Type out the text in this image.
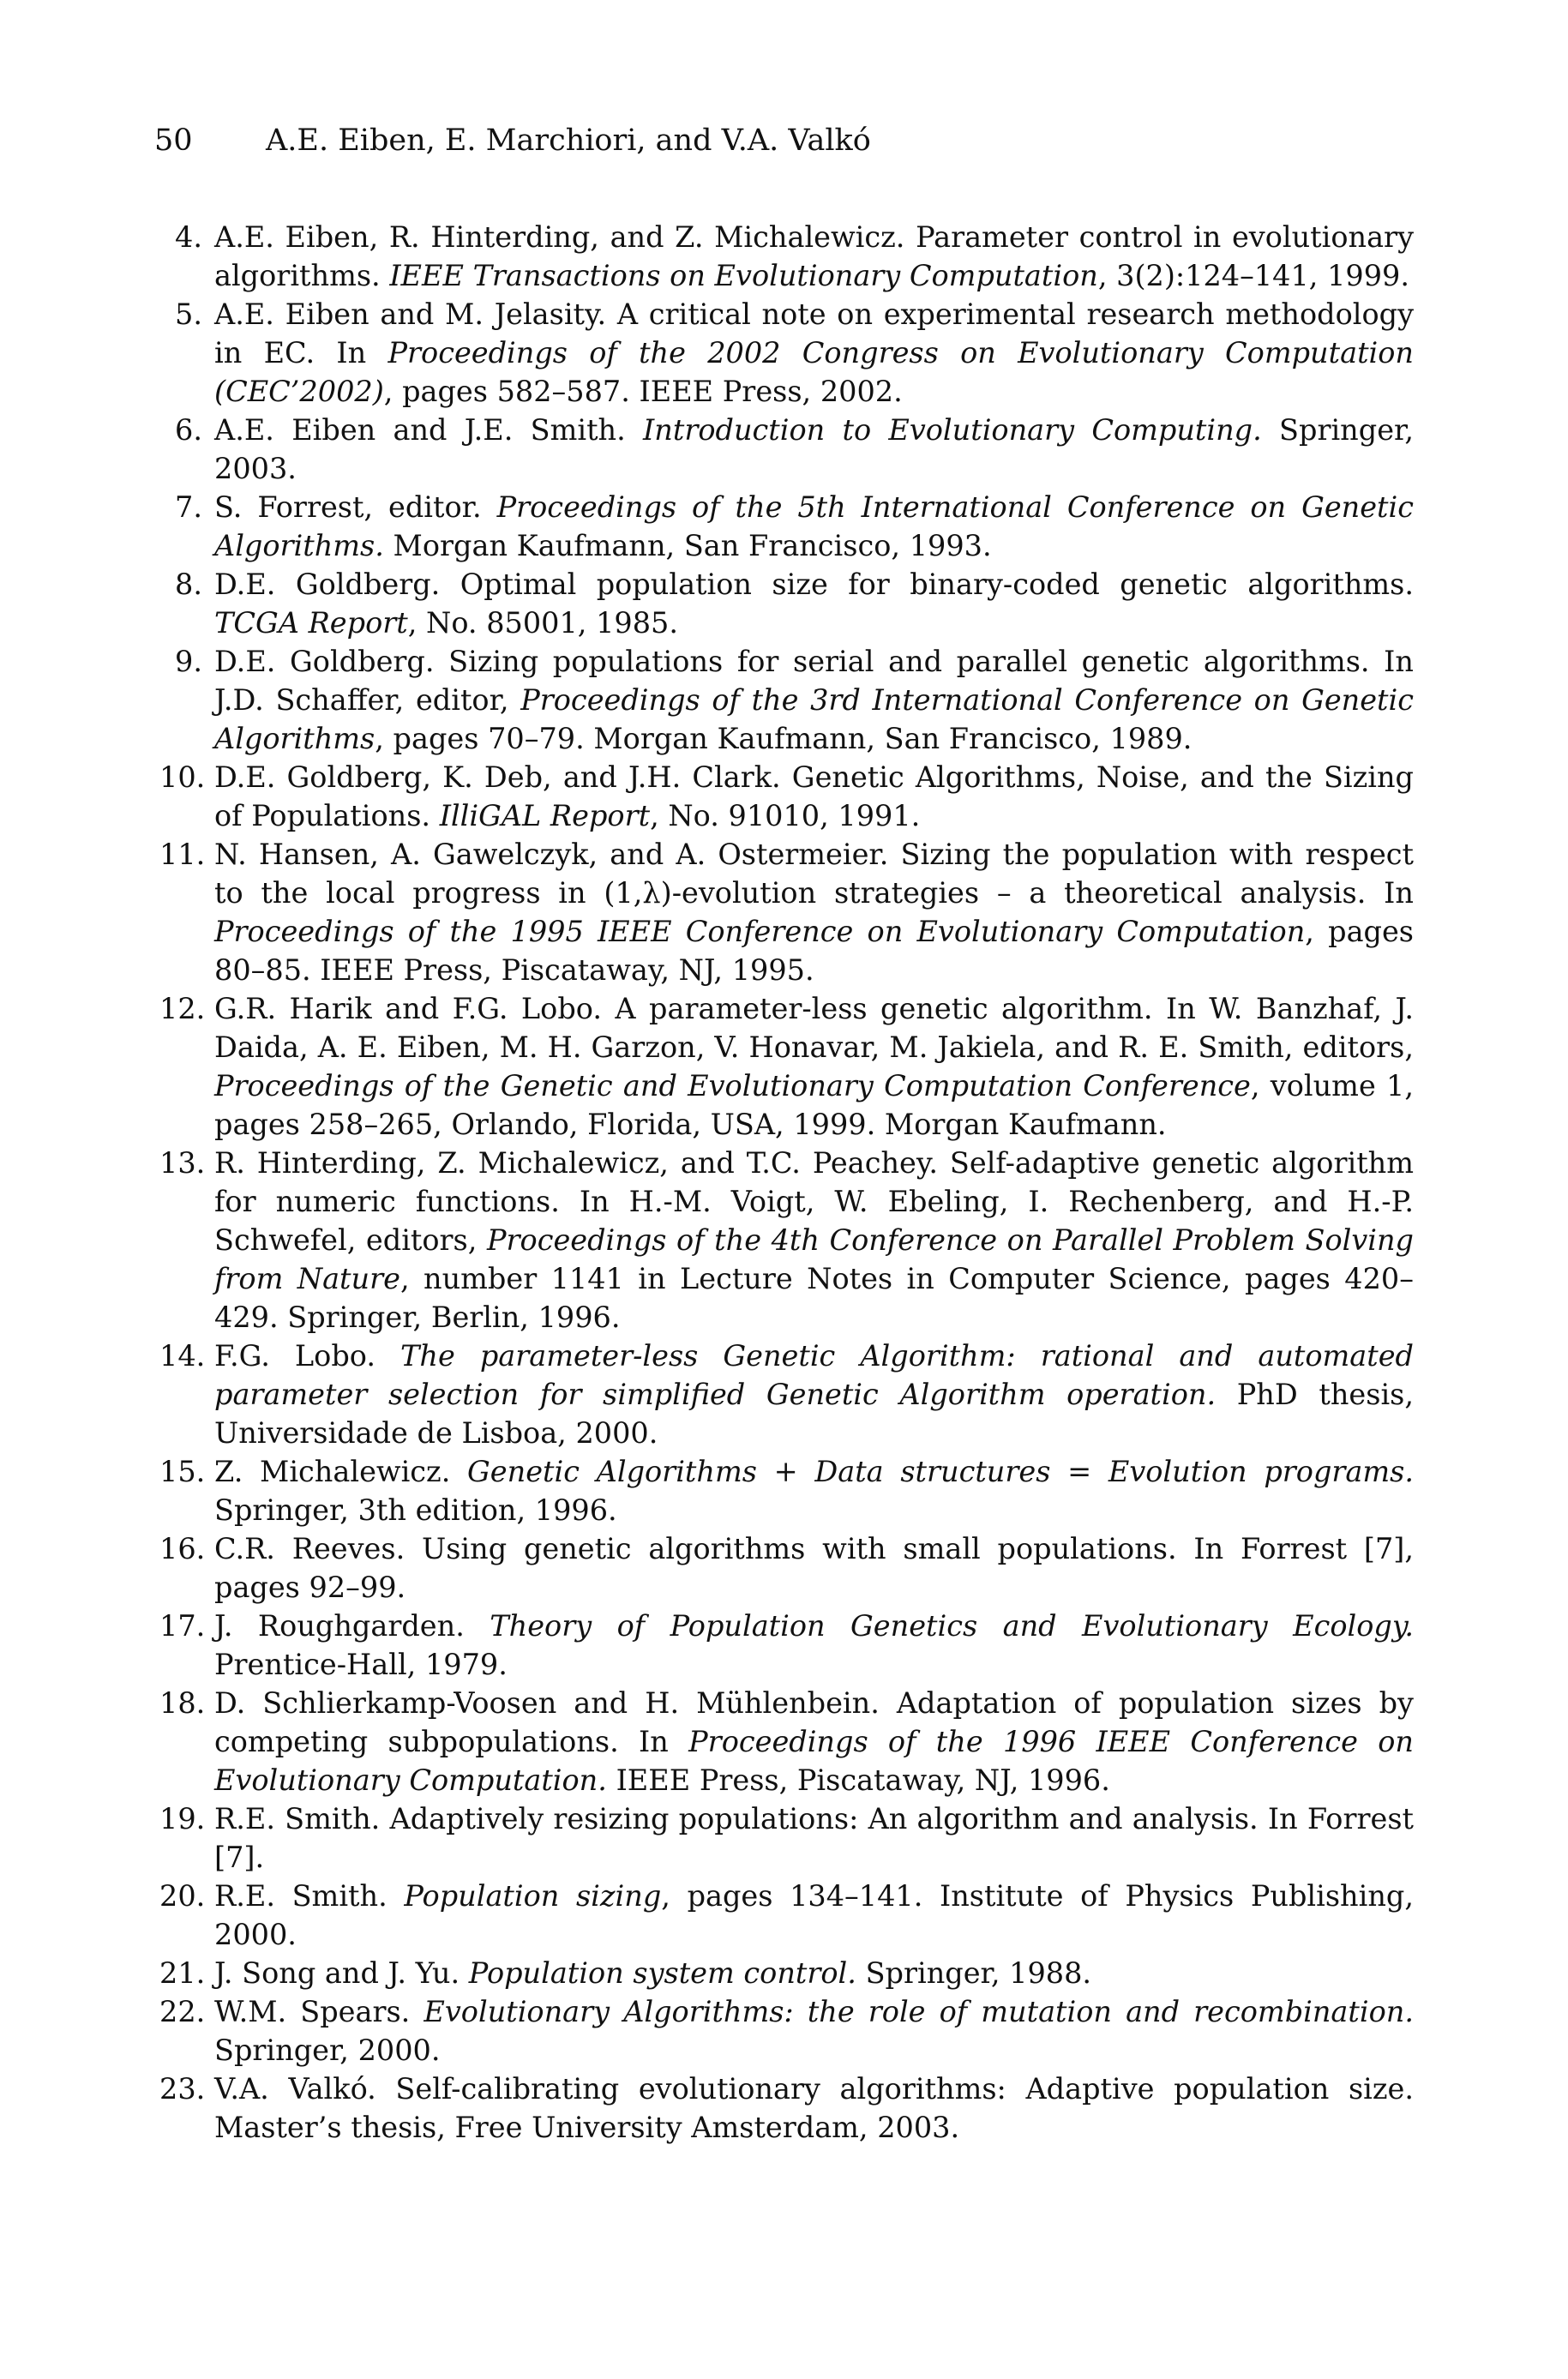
50 A.E. Eiben, E. Marchiori, and V.A. Valkó
4. A.E. Eiben, R. Hinterding, and Z. Michalewicz. Parameter control in evolutionary algorithms. IEEE Transactions on Evolutionary Computation, 3(2):124–141, 1999.
5. A.E. Eiben and M. Jelasity. A critical note on experimental research methodology in EC. In Proceedings of the 2002 Congress on Evolutionary Computation (CEC’2002), pages 582–587. IEEE Press, 2002.
6. A.E. Eiben and J.E. Smith. Introduction to Evolutionary Computing. Springer, 2003.
7. S. Forrest, editor. Proceedings of the 5th International Conference on Genetic Algorithms. Morgan Kaufmann, San Francisco, 1993.
8. D.E. Goldberg. Optimal population size for binary-coded genetic algorithms. TCGA Report, No. 85001, 1985.
9. D.E. Goldberg. Sizing populations for serial and parallel genetic algorithms. In J.D. Schaffer, editor, Proceedings of the 3rd International Conference on Genetic Algorithms, pages 70–79. Morgan Kaufmann, San Francisco, 1989.
10. D.E. Goldberg, K. Deb, and J.H. Clark. Genetic Algorithms, Noise, and the Sizing of Populations. IlliGAL Report, No. 91010, 1991.
11. N. Hansen, A. Gawelczyk, and A. Ostermeier. Sizing the population with respect to the local progress in (1,λ)-evolution strategies – a theoretical analysis. In Proceedings of the 1995 IEEE Conference on Evolutionary Computation, pages 80–85. IEEE Press, Piscataway, NJ, 1995.
12. G.R. Harik and F.G. Lobo. A parameter-less genetic algorithm. In W. Banzhaf, J. Daida, A. E. Eiben, M. H. Garzon, V. Honavar, M. Jakiela, and R. E. Smith, editors, Proceedings of the Genetic and Evolutionary Computation Conference, volume 1, pages 258–265, Orlando, Florida, USA, 1999. Morgan Kaufmann.
13. R. Hinterding, Z. Michalewicz, and T.C. Peachey. Self-adaptive genetic algorithm for numeric functions. In H.-M. Voigt, W. Ebeling, I. Rechenberg, and H.-P. Schwefel, editors, Proceedings of the 4th Conference on Parallel Problem Solving from Nature, number 1141 in Lecture Notes in Computer Science, pages 420–429. Springer, Berlin, 1996.
14. F.G. Lobo. The parameter-less Genetic Algorithm: rational and automated parameter selection for simplified Genetic Algorithm operation. PhD thesis, Universidade de Lisboa, 2000.
15. Z. Michalewicz. Genetic Algorithms + Data structures = Evolution programs. Springer, 3th edition, 1996.
16. C.R. Reeves. Using genetic algorithms with small populations. In Forrest [7], pages 92–99.
17. J. Roughgarden. Theory of Population Genetics and Evolutionary Ecology. Prentice-Hall, 1979.
18. D. Schlierkamp-Voosen and H. Mühlenbein. Adaptation of population sizes by competing subpopulations. In Proceedings of the 1996 IEEE Conference on Evolutionary Computation. IEEE Press, Piscataway, NJ, 1996.
19. R.E. Smith. Adaptively resizing populations: An algorithm and analysis. In Forrest [7].
20. R.E. Smith. Population sizing, pages 134–141. Institute of Physics Publishing, 2000.
21. J. Song and J. Yu. Population system control. Springer, 1988.
22. W.M. Spears. Evolutionary Algorithms: the role of mutation and recombination. Springer, 2000.
23. V.A. Valkó. Self-calibrating evolutionary algorithms: Adaptive population size. Master’s thesis, Free University Amsterdam, 2003.
